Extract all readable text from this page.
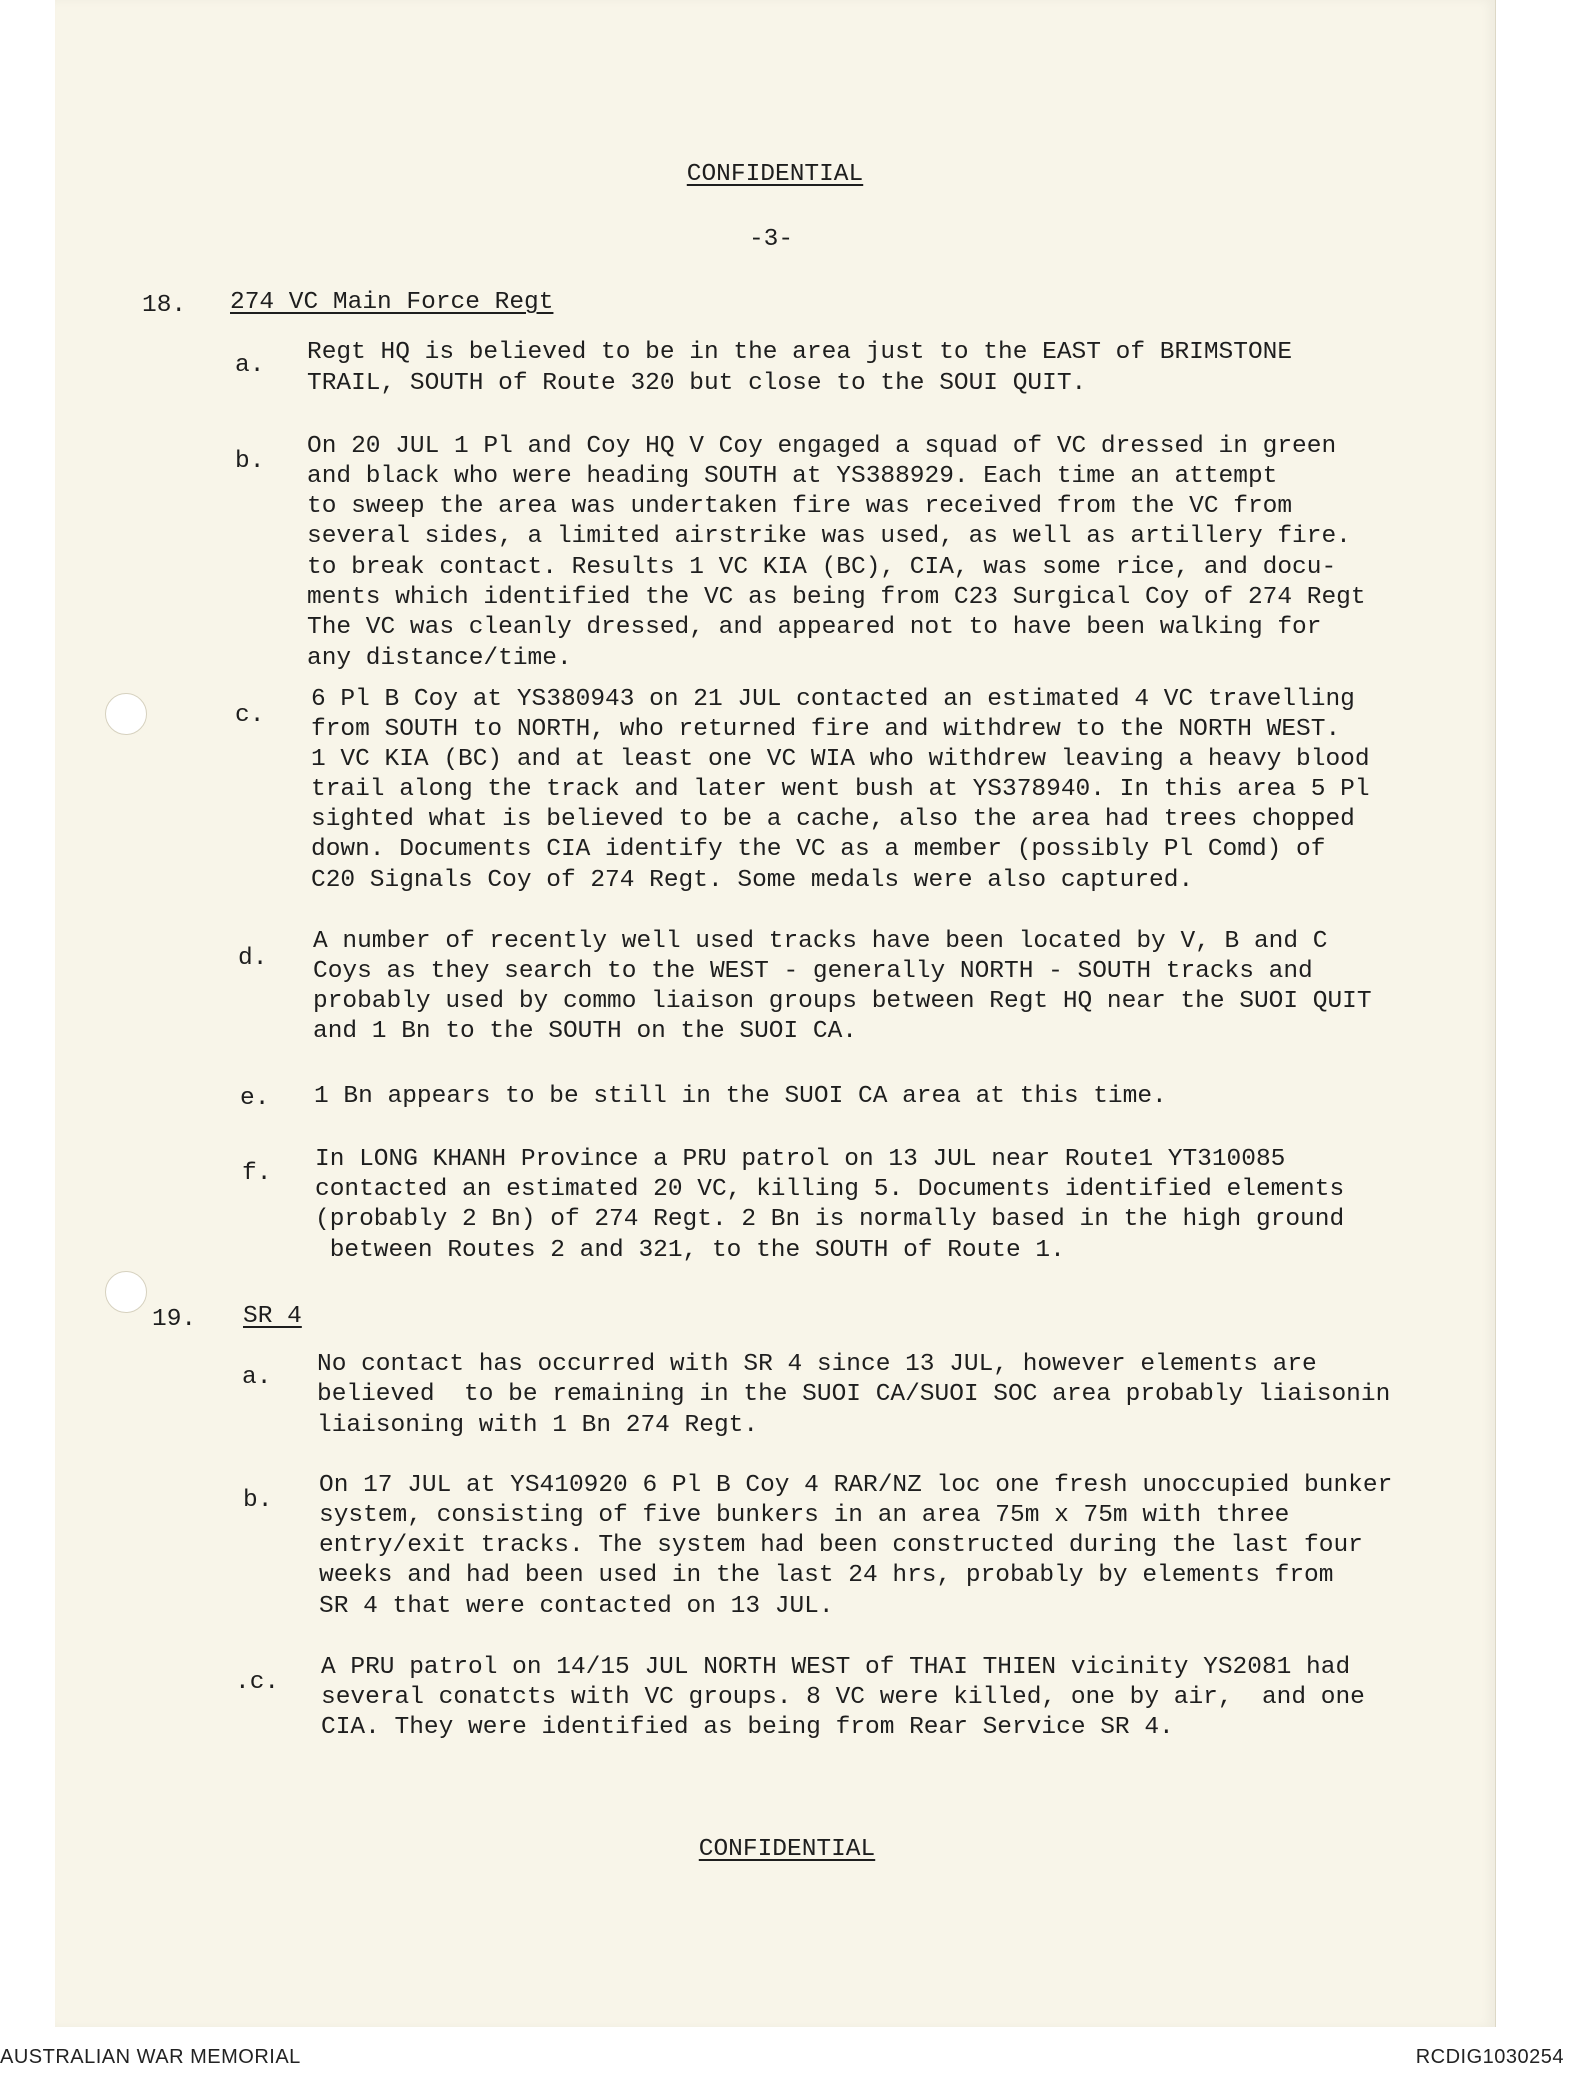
CONFIDENTIAL
-3-
18. 274 VC Main Force Regt
a. Regt HQ is believed to be in the area just to the EAST of BRIMSTONE
TRAIL, SOUTH of Route 320 but close to the SOUI QUIT.
b.
On 20 JUL 1 Pl and Coy HQ V Coy engaged a squad of VC dressed in green
and black who were heading SOUTH at YS388929. Each time an attempt
to sweep the area was undertaken fire was received from the VC from
several sides, a limited airstrike was used, as well as artillery fire.
to break contact. Results 1 VC KIA (BC), CIA, was some rice, and docu-
ments which identified the VC as being from C23 Surgical Coy of 274 Regt
The VC was cleanly dressed, and appeared not to have been walking for
any distance/time.
c.
6 Pl B Coy at YS380943 on 21 JUL contacted an estimated 4 VC travelling
from SOUTH to NORTH, who returned fire and withdrew to the NORTH WEST.
1 VC KIA (BC) and at least one VC WIA who withdrew leaving a heavy blood
trail along the track and later went bush at YS378940. In this area 5 Pl
sighted what is believed to be a cache, also the area had trees chopped
down. Documents CIA identify the VC as a member (possibly Pl Comd) of
C20 Signals Coy of 274 Regt. Some medals were also captured.
d.
A number of recently well used tracks have been located by V, B and C
Coys as they search to the WEST - generally NORTH - SOUTH tracks and
probably used by commo liaison groups between Regt HQ near the SUOI QUIT
and 1 Bn to the SOUTH on the SUOI CA.
e. 1 Bn appears to be still in the SUOI CA area at this time.
f.
In LONG KHANH Province a PRU patrol on 13 JUL near Route1 YT310085
contacted an estimated 20 VC, killing 5. Documents identified elements
(probably 2 Bn) of 274 Regt. 2 Bn is normally based in the high ground
between Routes 2 and 321, to the SOUTH of Route 1.
19. SR 4
a. No contact has occurred with SR 4 since 13 JUL, however elements are
believed  to be remaining in the SUOI CA/SUOI SOC area probably liaisonin
liaisoning with 1 Bn 274 Regt.
b.
On 17 JUL at YS410920 6 Pl B Coy 4 RAR/NZ loc one fresh unoccupied bunker
system, consisting of five bunkers in an area 75m x 75m with three
entry/exit tracks. The system had been constructed during the last four
weeks and had been used in the last 24 hrs, probably by elements from
SR 4 that were contacted on 13 JUL.
.c.
A PRU patrol on 14/15 JUL NORTH WEST of THAI THIEN vicinity YS2081 had
several conatcts with VC groups. 8 VC were killed, one by air,  and one
CIA. They were identified as being from Rear Service SR 4.
CONFIDENTIAL
AUSTRALIAN WAR MEMORIAL	RCDIG1030254
